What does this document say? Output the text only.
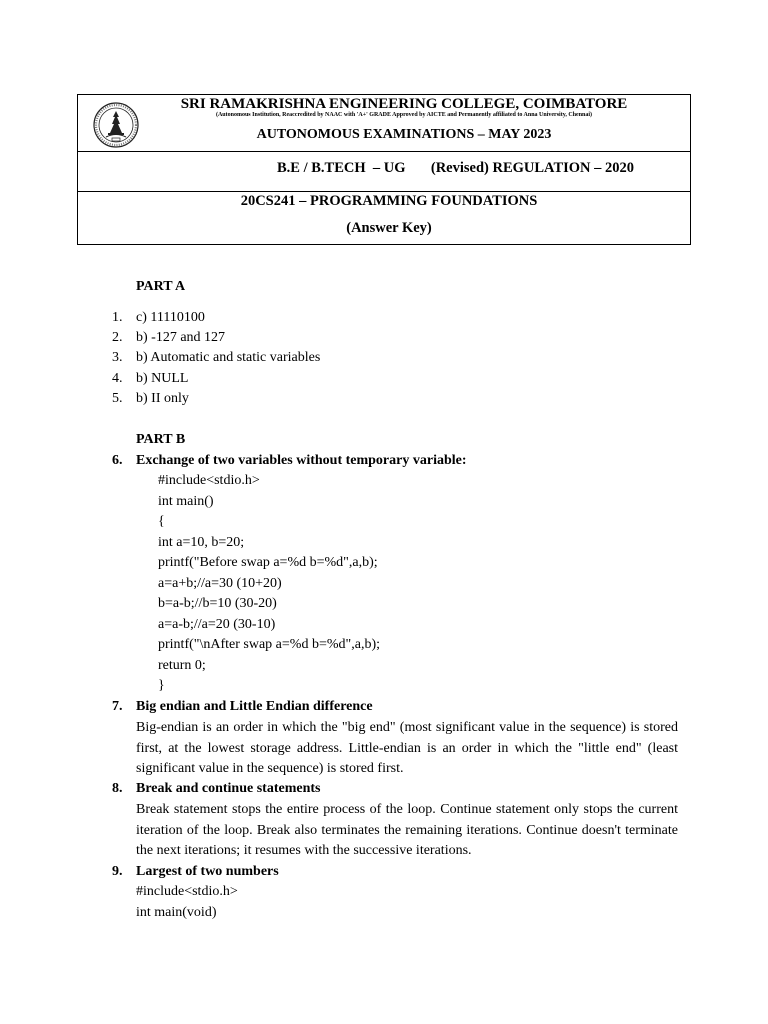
SRI RAMAKRISHNA ENGINEERING COLLEGE, COIMBATORE
(Autonomous Institution, Reaccredited by NAAC with 'A+' GRADE Approved by AICTE and Permanently affiliated to Anna University, Chennai)
AUTONOMOUS EXAMINATIONS – MAY 2023
B.E / B.TECH  – UG       (Revised) REGULATION – 2020
20CS241 – PROGRAMMING FOUNDATIONS
(Answer Key)
PART A
1. c) 11110100
2. b) -127 and 127
3. b) Automatic and static variables
4. b) NULL
5. b) II only
PART B
6. Exchange of two variables without temporary variable:
#include<stdio.h>
int main()
{
int a=10, b=20;
printf("Before swap a=%d b=%d",a,b);
a=a+b;//a=30 (10+20)
b=a-b;//b=10 (30-20)
a=a-b;//a=20 (30-10)
printf("\nAfter swap a=%d b=%d",a,b);
return 0;
}
7. Big endian and Little Endian difference
Big-endian is an order in which the "big end" (most significant value in the sequence) is stored first, at the lowest storage address. Little-endian is an order in which the "little end" (least significant value in the sequence) is stored first.
8. Break and continue statements
Break statement stops the entire process of the loop. Continue statement only stops the current iteration of the loop. Break also terminates the remaining iterations. Continue doesn't terminate the next iterations; it resumes with the successive iterations.
9. Largest of two numbers
#include<stdio.h>
int main(void)
